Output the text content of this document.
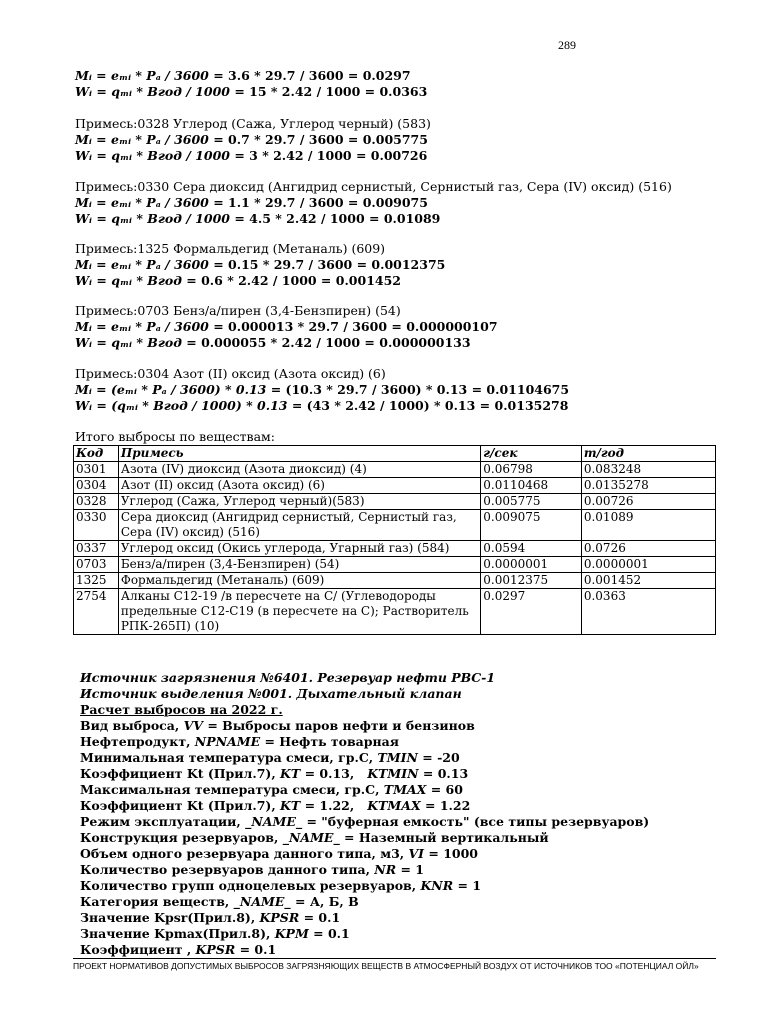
289
Mᵢ = eₘᵢ * Pₐ / 3600 = 3.6 * 29.7 / 3600 = 0.0297
Wᵢ = qₘᵢ * Bгод / 1000 = 15 * 2.42 / 1000 = 0.0363
Примесь:0328 Углерод (Сажа, Углерод черный) (583)
Mᵢ = eₘᵢ * Pₐ / 3600 = 0.7 * 29.7 / 3600 = 0.005775
Wᵢ = qₘᵢ * Bгод / 1000 = 3 * 2.42 / 1000 = 0.00726
Примесь:0330 Сера диоксид (Ангидрид сернистый, Сернистый газ, Сера (IV) оксид) (516)
Mᵢ = eₘᵢ * Pₐ / 3600 = 1.1 * 29.7 / 3600 = 0.009075
Wᵢ = qₘᵢ * Bгод / 1000 = 4.5 * 2.42 / 1000 = 0.01089
Примесь:1325 Формальдегид (Метаналь) (609)
Mᵢ = eₘᵢ * Pₐ / 3600 = 0.15 * 29.7 / 3600 = 0.0012375
Wᵢ = qₘᵢ * Bгод = 0.6 * 2.42 / 1000 = 0.001452
Примесь:0703 Бенз/а/пирен (3,4-Бензпирен) (54)
Mᵢ = eₘᵢ * Pₐ / 3600 = 0.000013 * 29.7 / 3600 = 0.000000107
Wᵢ = qₘᵢ * Bгод = 0.000055 * 2.42 / 1000 = 0.000000133
Примесь:0304 Азот (II) оксид (Азота оксид) (6)
Mᵢ = (eₘᵢ * Pₐ / 3600) * 0.13 = (10.3 * 29.7 / 3600) * 0.13 = 0.01104675
Wᵢ = (qₘᵢ * Bгод / 1000) * 0.13 = (43 * 2.42 / 1000) * 0.13 = 0.0135278
Итого выбросы по веществам:
Код	Примесь	г/сек	т/год
0301	Азота (IV) диоксид (Азота диоксид) (4)	0.06798	0.083248
0304	Азот (II) оксид (Азота оксид) (6)	0.0110468	0.0135278
0328	Углерод (Сажа, Углерод черный)(583)	0.005775	0.00726
0330	Сера диоксид (Ангидрид сернистый, Сернистый газ, Сера (IV) оксид) (516)	0.009075	0.01089
0337	Углерод оксид (Окись углерода, Угарный газ) (584)	0.0594	0.0726
0703	Бенз/а/пирен (3,4-Бензпирен) (54)	0.0000001	0.0000001
1325	Формальдегид (Метаналь) (609)	0.0012375	0.001452
2754	Алканы С12-19 /в пересчете на С/ (Углеводороды предельные С12-С19 (в пересчете на С); Растворитель РПК-265П) (10)	0.0297	0.0363
Источник загрязнения №6401. Резервуар нефти РВС-1
Источник выделения №001. Дыхательный клапан
Расчет выбросов на 2022 г.
Вид выброса, VV = Выбросы паров нефти и бензинов
Нефтепродукт, NPNAME = Нефть товарная
Минимальная температура смеси, гр.С, TMIN = -20
Коэффициент Kt (Прил.7), KT = 0.13,   KTMIN = 0.13
Максимальная температура смеси, гр.С, TMAX = 60
Коэффициент Kt (Прил.7), KT = 1.22,   KTMAX = 1.22
Режим эксплуатации, _NAME_ = "буферная емкость" (все типы резервуаров)
Конструкция резервуаров, _NAME_ = Наземный вертикальный
Объем одного резервуара данного типа, м3, VI = 1000
Количество резервуаров данного типа, NR = 1
Количество групп одноцелевых резервуаров, KNR = 1
Категория веществ, _NAME_ = А, Б, В
Значение Kpsr(Прил.8), KPSR = 0.1
Значение Kpmax(Прил.8), KPM = 0.1
Коэффициент , KPSR = 0.1
ПРОЕКТ НОРМАТИВОВ ДОПУСТИМЫХ ВЫБРОСОВ ЗАГРЯЗНЯЮЩИХ ВЕЩЕСТВ В АТМОСФЕРНЫЙ ВОЗДУХ ОТ ИСТОЧНИКОВ ТОО «ПОТЕНЦИАЛ ОЙЛ»
